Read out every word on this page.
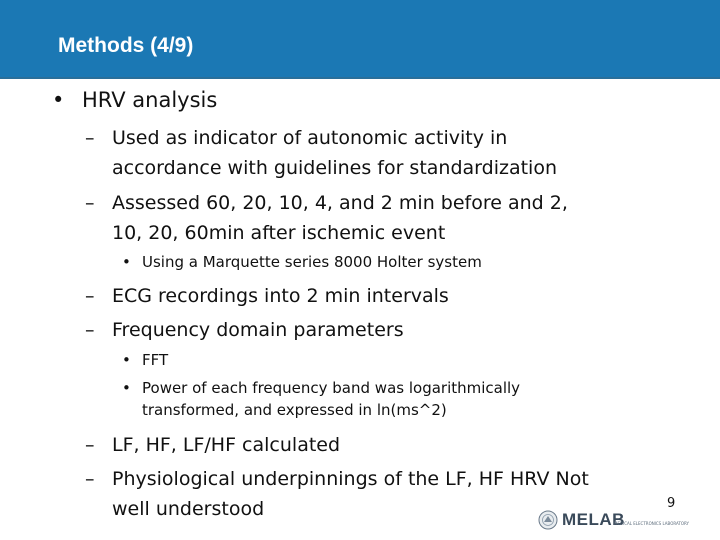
Methods (4/9)
• HRV analysis
– Used as indicator of autonomic activity in
accordance with guidelines for standardization
– Assessed 60, 20, 10, 4, and 2 min before and 2,
10, 20, 60min after ischemic event
• Using a Marquette series 8000 Holter system
– ECG recordings into 2 min intervals
– Frequency domain parameters
• FFT
• Power of each frequency band was logarithmically
transformed, and expressed in ln(ms^2)
– LF, HF, LF/HF calculated
– Physiological underpinnings of the LF, HF HRV Not
well understood	9
MELAB
MEDICAL ELECTRONICS LABORATORY
